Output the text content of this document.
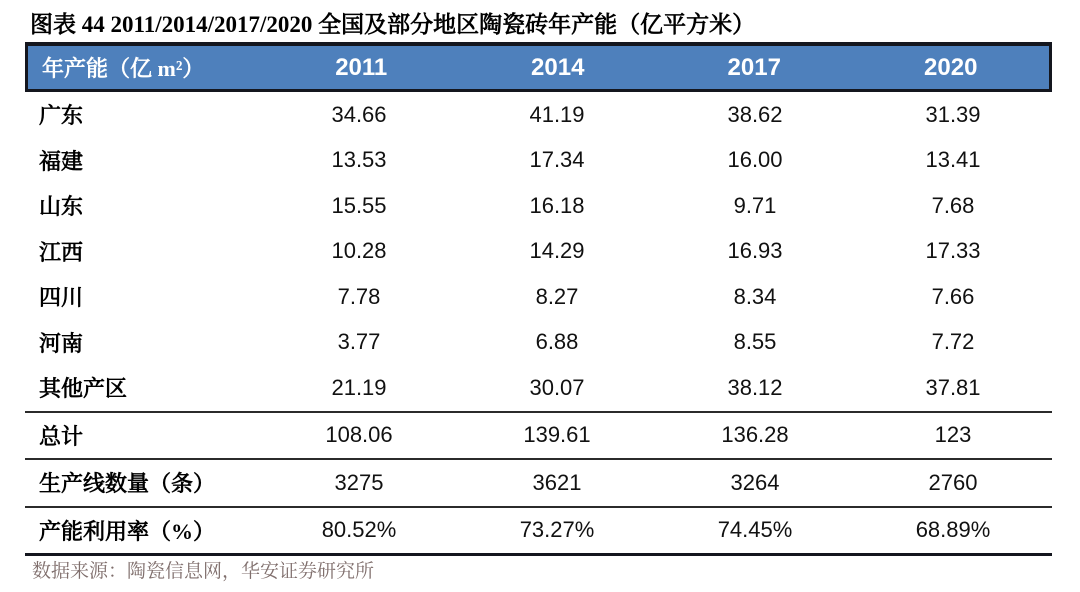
图表 44 2011/2014/2017/2020 全国及部分地区陶瓷砖年产能（亿平方米）
年产能（亿 m²）	2011	2014	2017	2020
广东	34.66	41.19	38.62	31.39
福建	13.53	17.34	16.00	13.41
山东	15.55	16.18	9.71	7.68
江西	10.28	14.29	16.93	17.33
四川	7.78	8.27	8.34	7.66
河南	3.77	6.88	8.55	7.72
其他产区	21.19	30.07	38.12	37.81
总计	108.06	139.61	136.28	123
生产线数量（条）	3275	3621	3264	2760
产能利用率（%）	80.52%	73.27%	74.45%	68.89%
数据来源：陶瓷信息网，华安证券研究所
